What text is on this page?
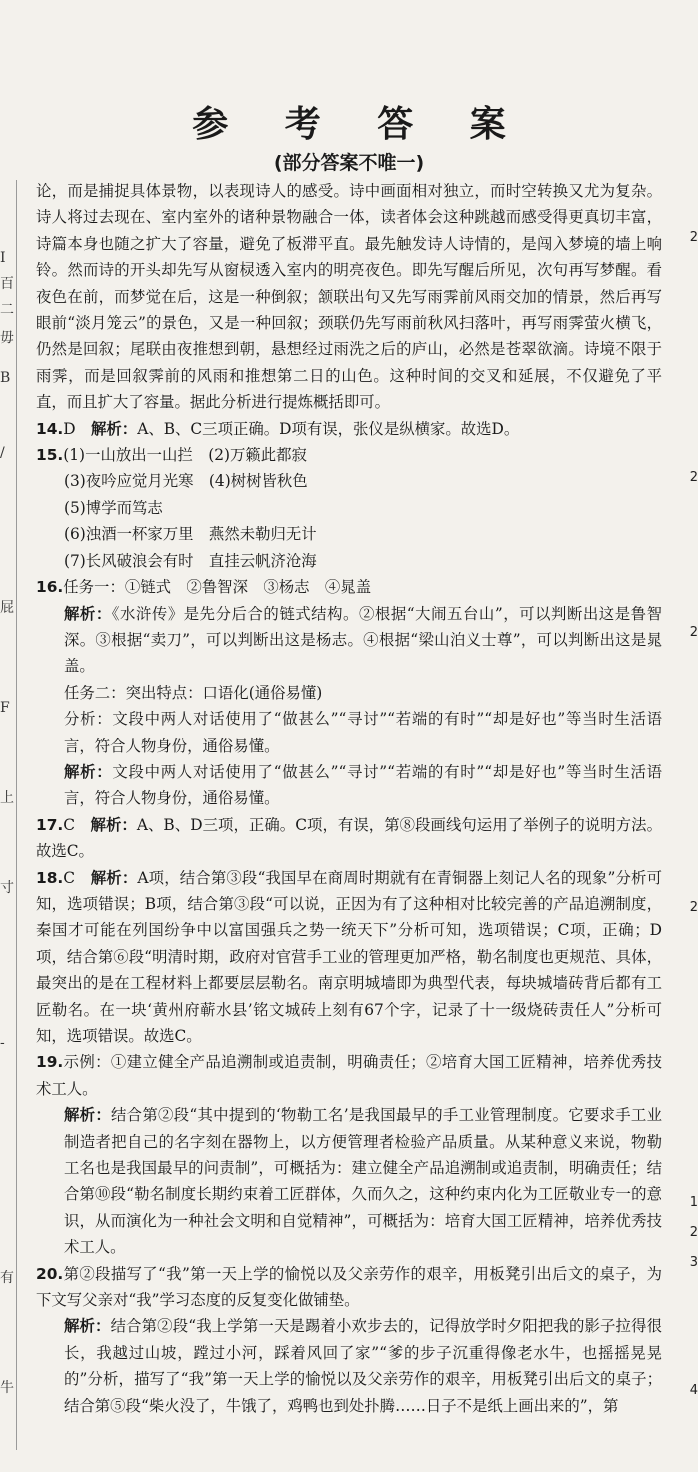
I
百
二
毋
B
/
屁
F
上
寸
-
有
牛
2
2
2
2
1
2
3
4
参 考 答 案
(部分答案不唯一)

论，而是捕捉具体景物，以表现诗人的感受。诗中画面相对独立，而时空转换又尤为复杂。诗人将过去现在、室内室外的诸种景物融合一体，读者体会这种跳越而感受得更真切丰富，诗篇本身也随之扩大了容量，避免了板滞平直。最先触发诗人诗情的，是闯入梦境的墙上响铃。然而诗的开头却先写从窗棂透入室内的明亮夜色。即先写醒后所见，次句再写梦醒。看夜色在前，而梦觉在后，这是一种倒叙；颔联出句又先写雨霁前风雨交加的情景，然后再写眼前“淡月笼云”的景色，又是一种回叙；颈联仍先写雨前秋风扫落叶，再写雨霁萤火横飞，仍然是回叙；尾联由夜推想到朝，悬想经过雨洗之后的庐山，必然是苍翠欲滴。诗境不限于雨霁，而是回叙霁前的风雨和推想第二日的山色。这种时间的交叉和延展，不仅避免了平直，而且扩大了容量。据此分析进行提炼概括即可。

14.D　 解析：A、B、C三项正确。D项有误，张仪是纵横家。故选D。

15.(1)一山放出一山拦　(2)万籁此都寂

(3)夜吟应觉月光寒　(4)树树皆秋色

(5)博学而笃志

(6)浊酒一杯家万里　燕然未勒归无计

(7)长风破浪会有时　直挂云帆济沧海

16.任务一：①链式　②鲁智深　③杨志　④晁盖

解析：《水浒传》是先分后合的链式结构。②根据“大闹五台山”，可以判断出这是鲁智深。③根据“卖刀”，可以判断出这是杨志。④根据“梁山泊义士尊”，可以判断出这是晁盖。

任务二：突出特点：口语化(通俗易懂)

分析：文段中两人对话使用了“做甚么”“寻讨”“若端的有时”“却是好也”等当时生活语言，符合人物身份，通俗易懂。

解析：文段中两人对话使用了“做甚么”“寻讨”“若端的有时”“却是好也”等当时生活语言，符合人物身份，通俗易懂。

17.C　 解析：A、B、D三项，正确。C项，有误，第⑧段画线句运用了举例子的说明方法。故选C。

18.C　 解析：A项，结合第③段“我国早在商周时期就有在青铜器上刻记人名的现象”分析可知，选项错误；B项，结合第③段“可以说，正因为有了这种相对比较完善的产品追溯制度，秦国才可能在列国纷争中以富国强兵之势一统天下”分析可知，选项错误；C项，正确；D项，结合第⑥段“明清时期，政府对官营手工业的管理更加严格，勒名制度也更规范、具体，最突出的是在工程材料上都要层层勒名。南京明城墙即为典型代表，每块城墙砖背后都有工匠勒名。在一块‘黄州府蕲水县’铭文城砖上刻有67个字，记录了十一级烧砖责任人”分析可知，选项错误。故选C。

19.示例：①建立健全产品追溯制或追责制，明确责任；②培育大国工匠精神，培养优秀技术工人。

解析：结合第②段“其中提到的‘物勒工名’是我国最早的手工业管理制度。它要求手工业制造者把自己的名字刻在器物上，以方便管理者检验产品质量。从某种意义来说，物勒工名也是我国最早的问责制”，可概括为：建立健全产品追溯制或追责制，明确责任；结合第⑩段“勒名制度长期约束着工匠群体，久而久之，这种约束内化为工匠敬业专一的意识，从而演化为一种社会文明和自觉精神”，可概括为：培育大国工匠精神，培养优秀技术工人。

20.第②段描写了“我”第一天上学的愉悦以及父亲劳作的艰辛，用板凳引出后文的桌子，为下文写父亲对“我”学习态度的反复变化做铺垫。

解析：结合第②段“我上学第一天是踢着小欢步去的，记得放学时夕阳把我的影子拉得很长，我越过山坡，蹚过小河，踩着风回了家”“爹的步子沉重得像老水牛，也摇摇晃晃的”分析，描写了“我”第一天上学的愉悦以及父亲劳作的艰辛，用板凳引出后文的桌子；结合第⑤段“柴火没了，牛饿了，鸡鸭也到处扑腾……日子不是纸上画出来的”，第
